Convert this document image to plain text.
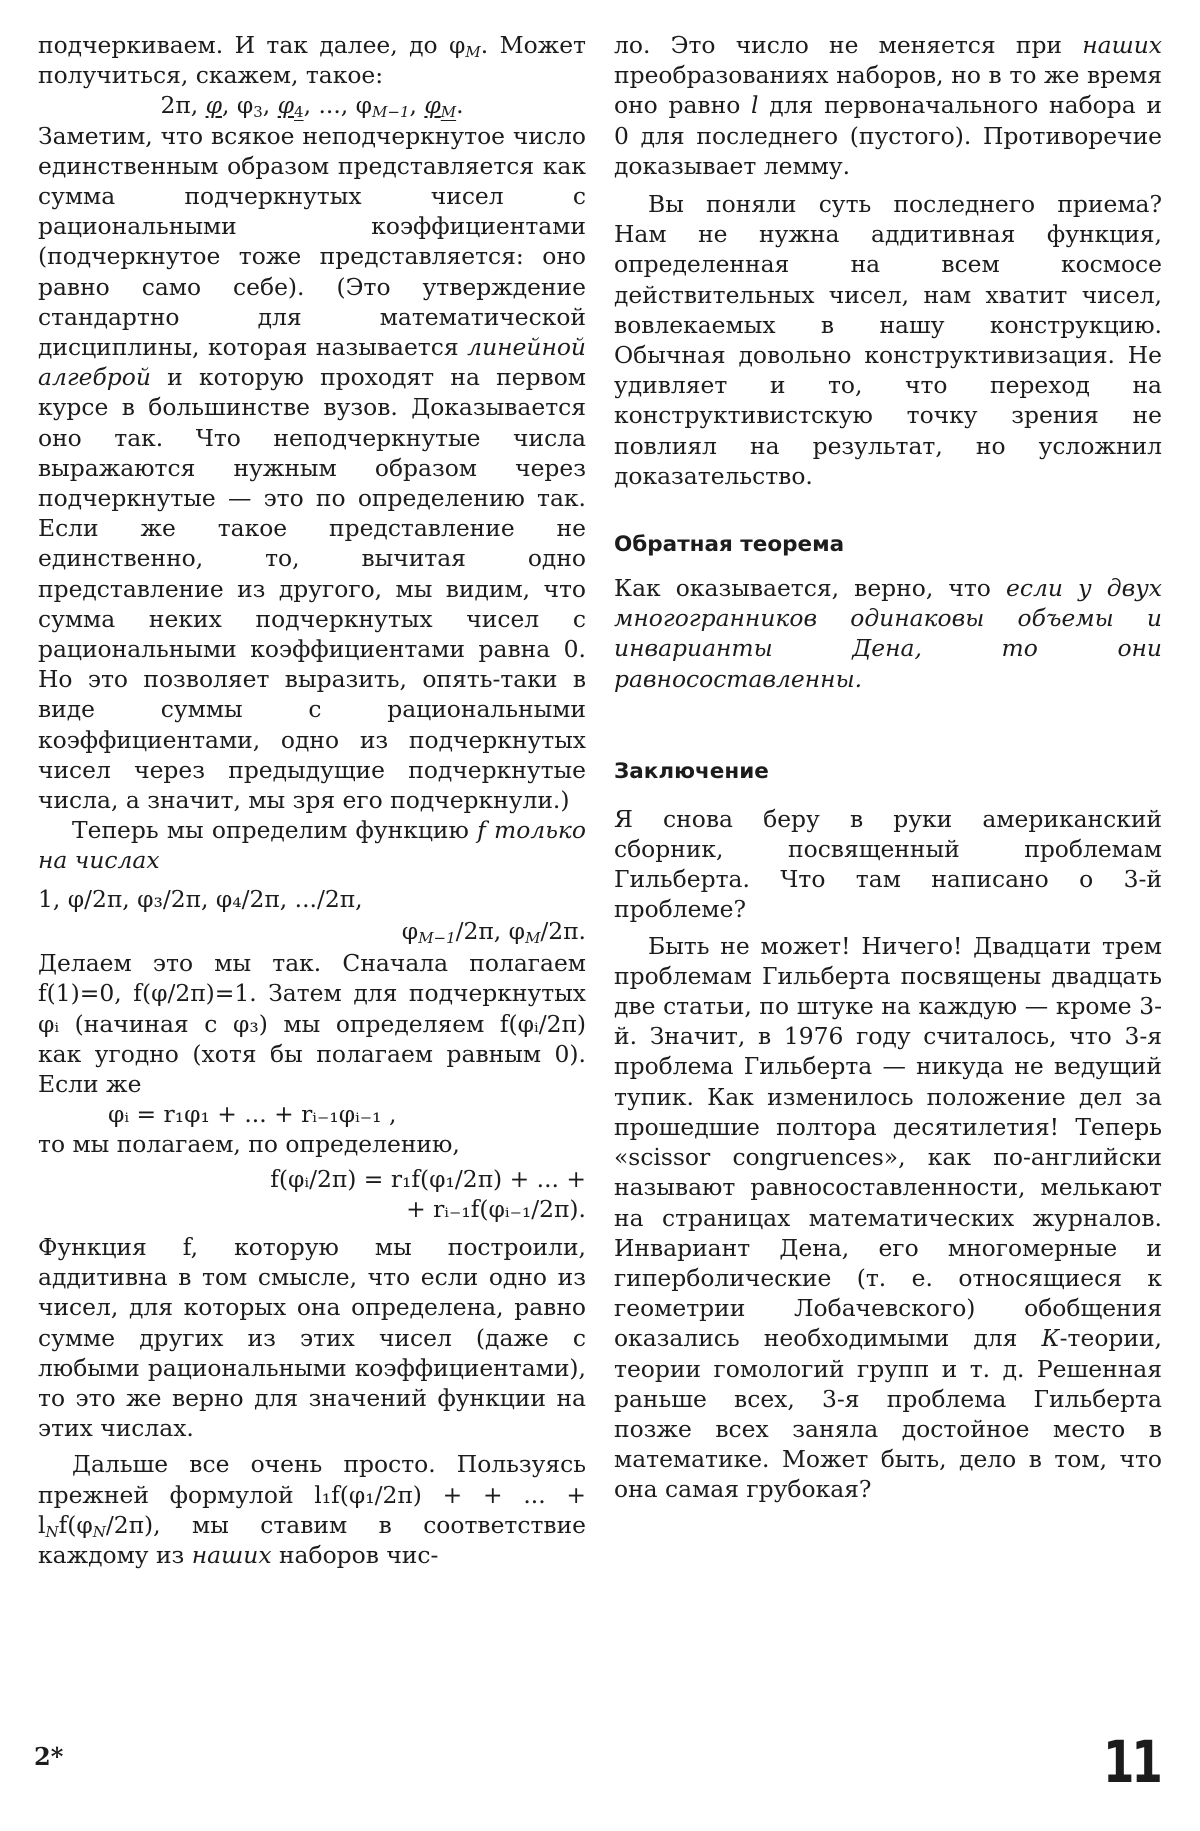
подчеркиваем. И так далее, до $\varphi_M$. Может получиться, скажем, такое:

2π, φ, $\varphi_3$, $\varphi_4$, ..., $\varphi_{M-1}$, $\varphi_M$.

Заметим, что всякое неподчеркнутое число единственным образом представляется как сумма подчеркнутых чисел с рациональными коэффициентами (подчеркнутое тоже представляется: оно равно само себе). (Это утверждение стандартно для математической дисциплины, которая называется линейной алгеброй и которую проходят на первом курсе в большинстве вузов. Доказывается оно так. Что неподчеркнутые числа выражаются нужным образом через подчеркнутые — это по определению так. Если же такое представление не единственно, то, вычитая одно представление из другого, мы видим, что сумма неких подчеркнутых чисел с рациональными коэффициентами равна 0. Но это позволяет выразить, опять-таки в виде суммы с рациональными коэффициентами, одно из подчеркнутых чисел через предыдущие подчеркнутые числа, а значит, мы зря его подчеркнули.)

Теперь мы определим функцию f только на числах

1, φ/2π, φ₃/2π, φ₄/2π, .../2π,

$\varphi_{M-1}/2\pi$, $\varphi_M/2\pi$.

Делаем это мы так. Сначала полагаем f(1)=0, f(φ/2π)=1. Затем для подчеркнутых φᵢ (начиная с φ₃) мы определяем f(φᵢ/2π) как угодно (хотя бы полагаем равным 0). Если же

φᵢ = r₁φ₁ + ... + rᵢ₋₁φᵢ₋₁ ,

то мы полагаем, по определению,

f(φᵢ/2π) = r₁f(φ₁/2π) + ... +

+ rᵢ₋₁f(φᵢ₋₁/2π).

Функция f, которую мы построили, аддитивна в том смысле, что если одно из чисел, для которых она определена, равно сумме других из этих чисел (даже с любыми рациональными коэффициентами), то это же верно для значений функции на этих числах.

Дальше все очень просто. Пользуясь прежней формулой l₁f(φ₁/2π) + + ... + $l_Nf(\varphi_N/2\pi)$, мы ставим в соответствие каждому из наших наборов чис-

ло. Это число не меняется при наших преобразованиях наборов, но в то же время оно равно l для первоначального набора и 0 для последнего (пустого). Противоречие доказывает лемму.

Вы поняли суть последнего приема? Нам не нужна аддитивная функция, определенная на всем космосе действительных чисел, нам хватит чисел, вовлекаемых в нашу конструкцию. Обычная довольно конструктивизация. Не удивляет и то, что переход на конструктивистскую точку зрения не повлиял на результат, но усложнил доказательство.

Обратная теорема

Как оказывается, верно, что если у двух многогранников одинаковы объемы и инварианты Дена, то они равносоставленны.

Заключение

Я снова беру в руки американский сборник, посвященный проблемам Гильберта. Что там написано о 3-й проблеме?

Быть не может! Ничего! Двадцати трем проблемам Гильберта посвящены двадцать две статьи, по штуке на каждую — кроме 3-й. Значит, в 1976 году считалось, что 3-я проблема Гильберта — никуда не ведущий тупик. Как изменилось положение дел за прошедшие полтора десятилетия! Теперь «scissor congruences», как по-английски называют равносоставленности, мелькают на страницах математических журналов. Инвариант Дена, его многомерные и гиперболические (т. е. относящиеся к геометрии Лобачевского) обобщения оказались необходимыми для К-теории, теории гомологий групп и т. д. Решенная раньше всех, 3-я проблема Гильберта позже всех заняла достойное место в математике. Может быть, дело в том, что она самая грубокая?

2*	11
